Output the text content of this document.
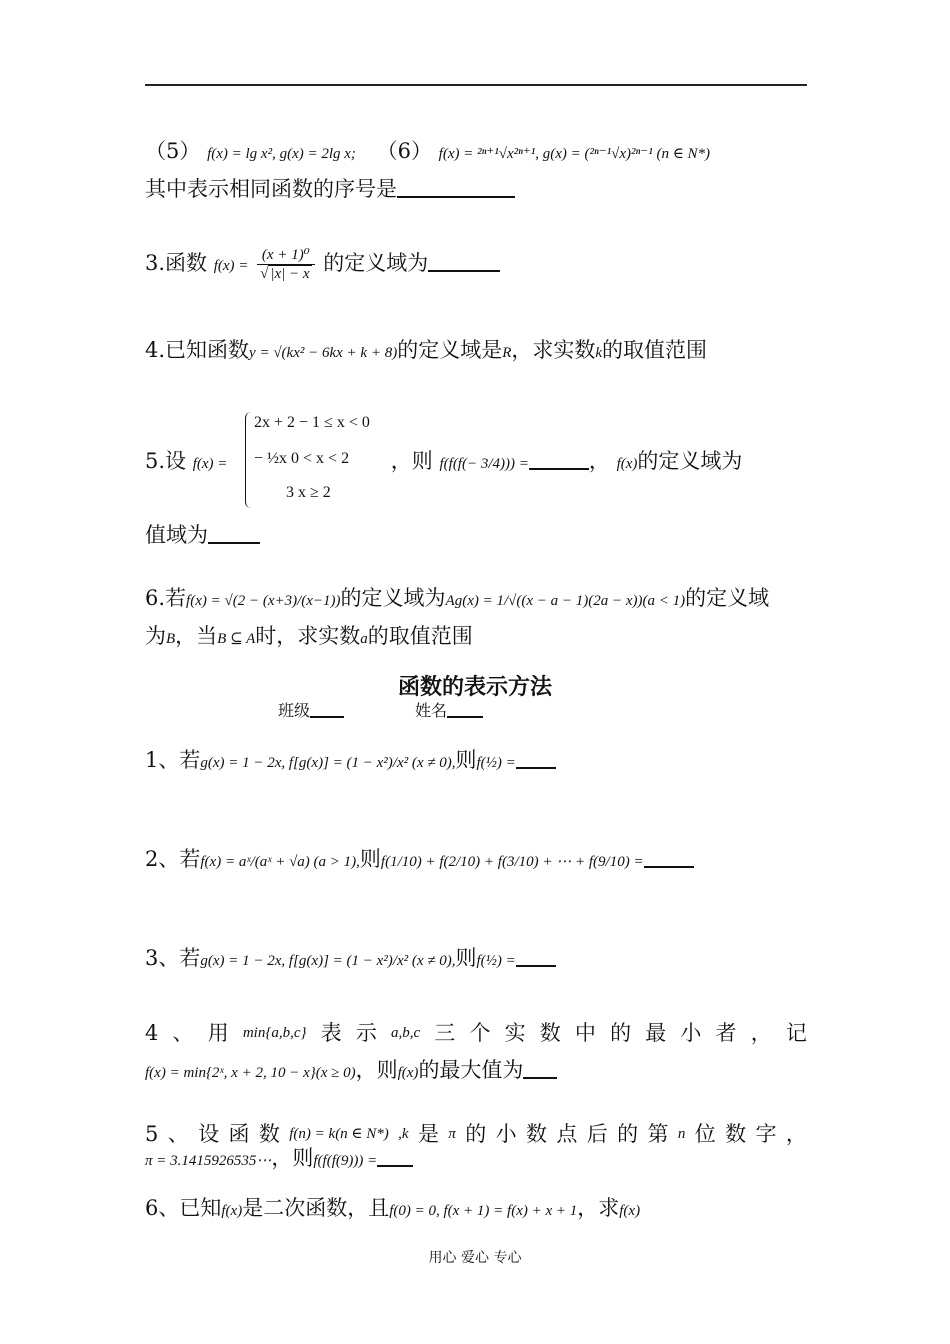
（5） f(x) = lg x², g(x) = 2lg x; （6） f(x) = ²ⁿ⁺¹√x²ⁿ⁺¹, g(x) = (²ⁿ⁻¹√x)²ⁿ⁻¹ (n ∈ N*)
其中表示相同函数的序号是
3.函数 $f(x) = \frac{\text{(x + 1)⁰}}{√ |x| - x}$ 的定义域为
4.已知函数y = √(kx² − 6kx + k + 8)的定义域是R，求实数k的取值范围
5.设 f(x) =	，则 f(f(f(− 3/4))) =	， f(x)的定义域为
2x + 2 − 1 ≤ x < 0
− ½x 0 < x < 2
3 x ≥ 2
值域为
6.若f(x) = √(2 − (x+3)/(x−1))的定义域为Ag(x) = 1/√((x − a − 1)(2a − x))(a < 1)的定义域
为B，当B ⊆ A时，求实数a的取值范围
函数的表示方法
班级	姓名
1、若g(x) = 1 − 2x, f[g(x)] = (1 − x²)/x² (x ≠ 0),则f(½) =
2、若f(x) = aˣ/(aˣ + √a) (a > 1),则f(1/10) + f(2/10) + f(3/10) + ⋯ + f(9/10) =
3、若g(x) = 1 − 2x, f[g(x)] = (1 − x²)/x² (x ≠ 0),则f(½) =
4 、 用 min{a,b,c} 表 示 a,b,c 三 个 实 数 中 的 最 小 者 ， 记
f(x) = min{2ˣ, x + 2, 10 − x}(x ≥ 0)，则f(x)的最大值为
5 、 设 函 数 f(n) = k(n ∈ N*) ,k 是 π 的 小 数 点 后 的 第 n 位 数 字 ，
π = 3.1415926535⋯，则f(f(f(9))) =
6、已知f(x)是二次函数，且f(0) = 0, f(x + 1) = f(x) + x + 1，求f(x)
用心 爱心 专心
